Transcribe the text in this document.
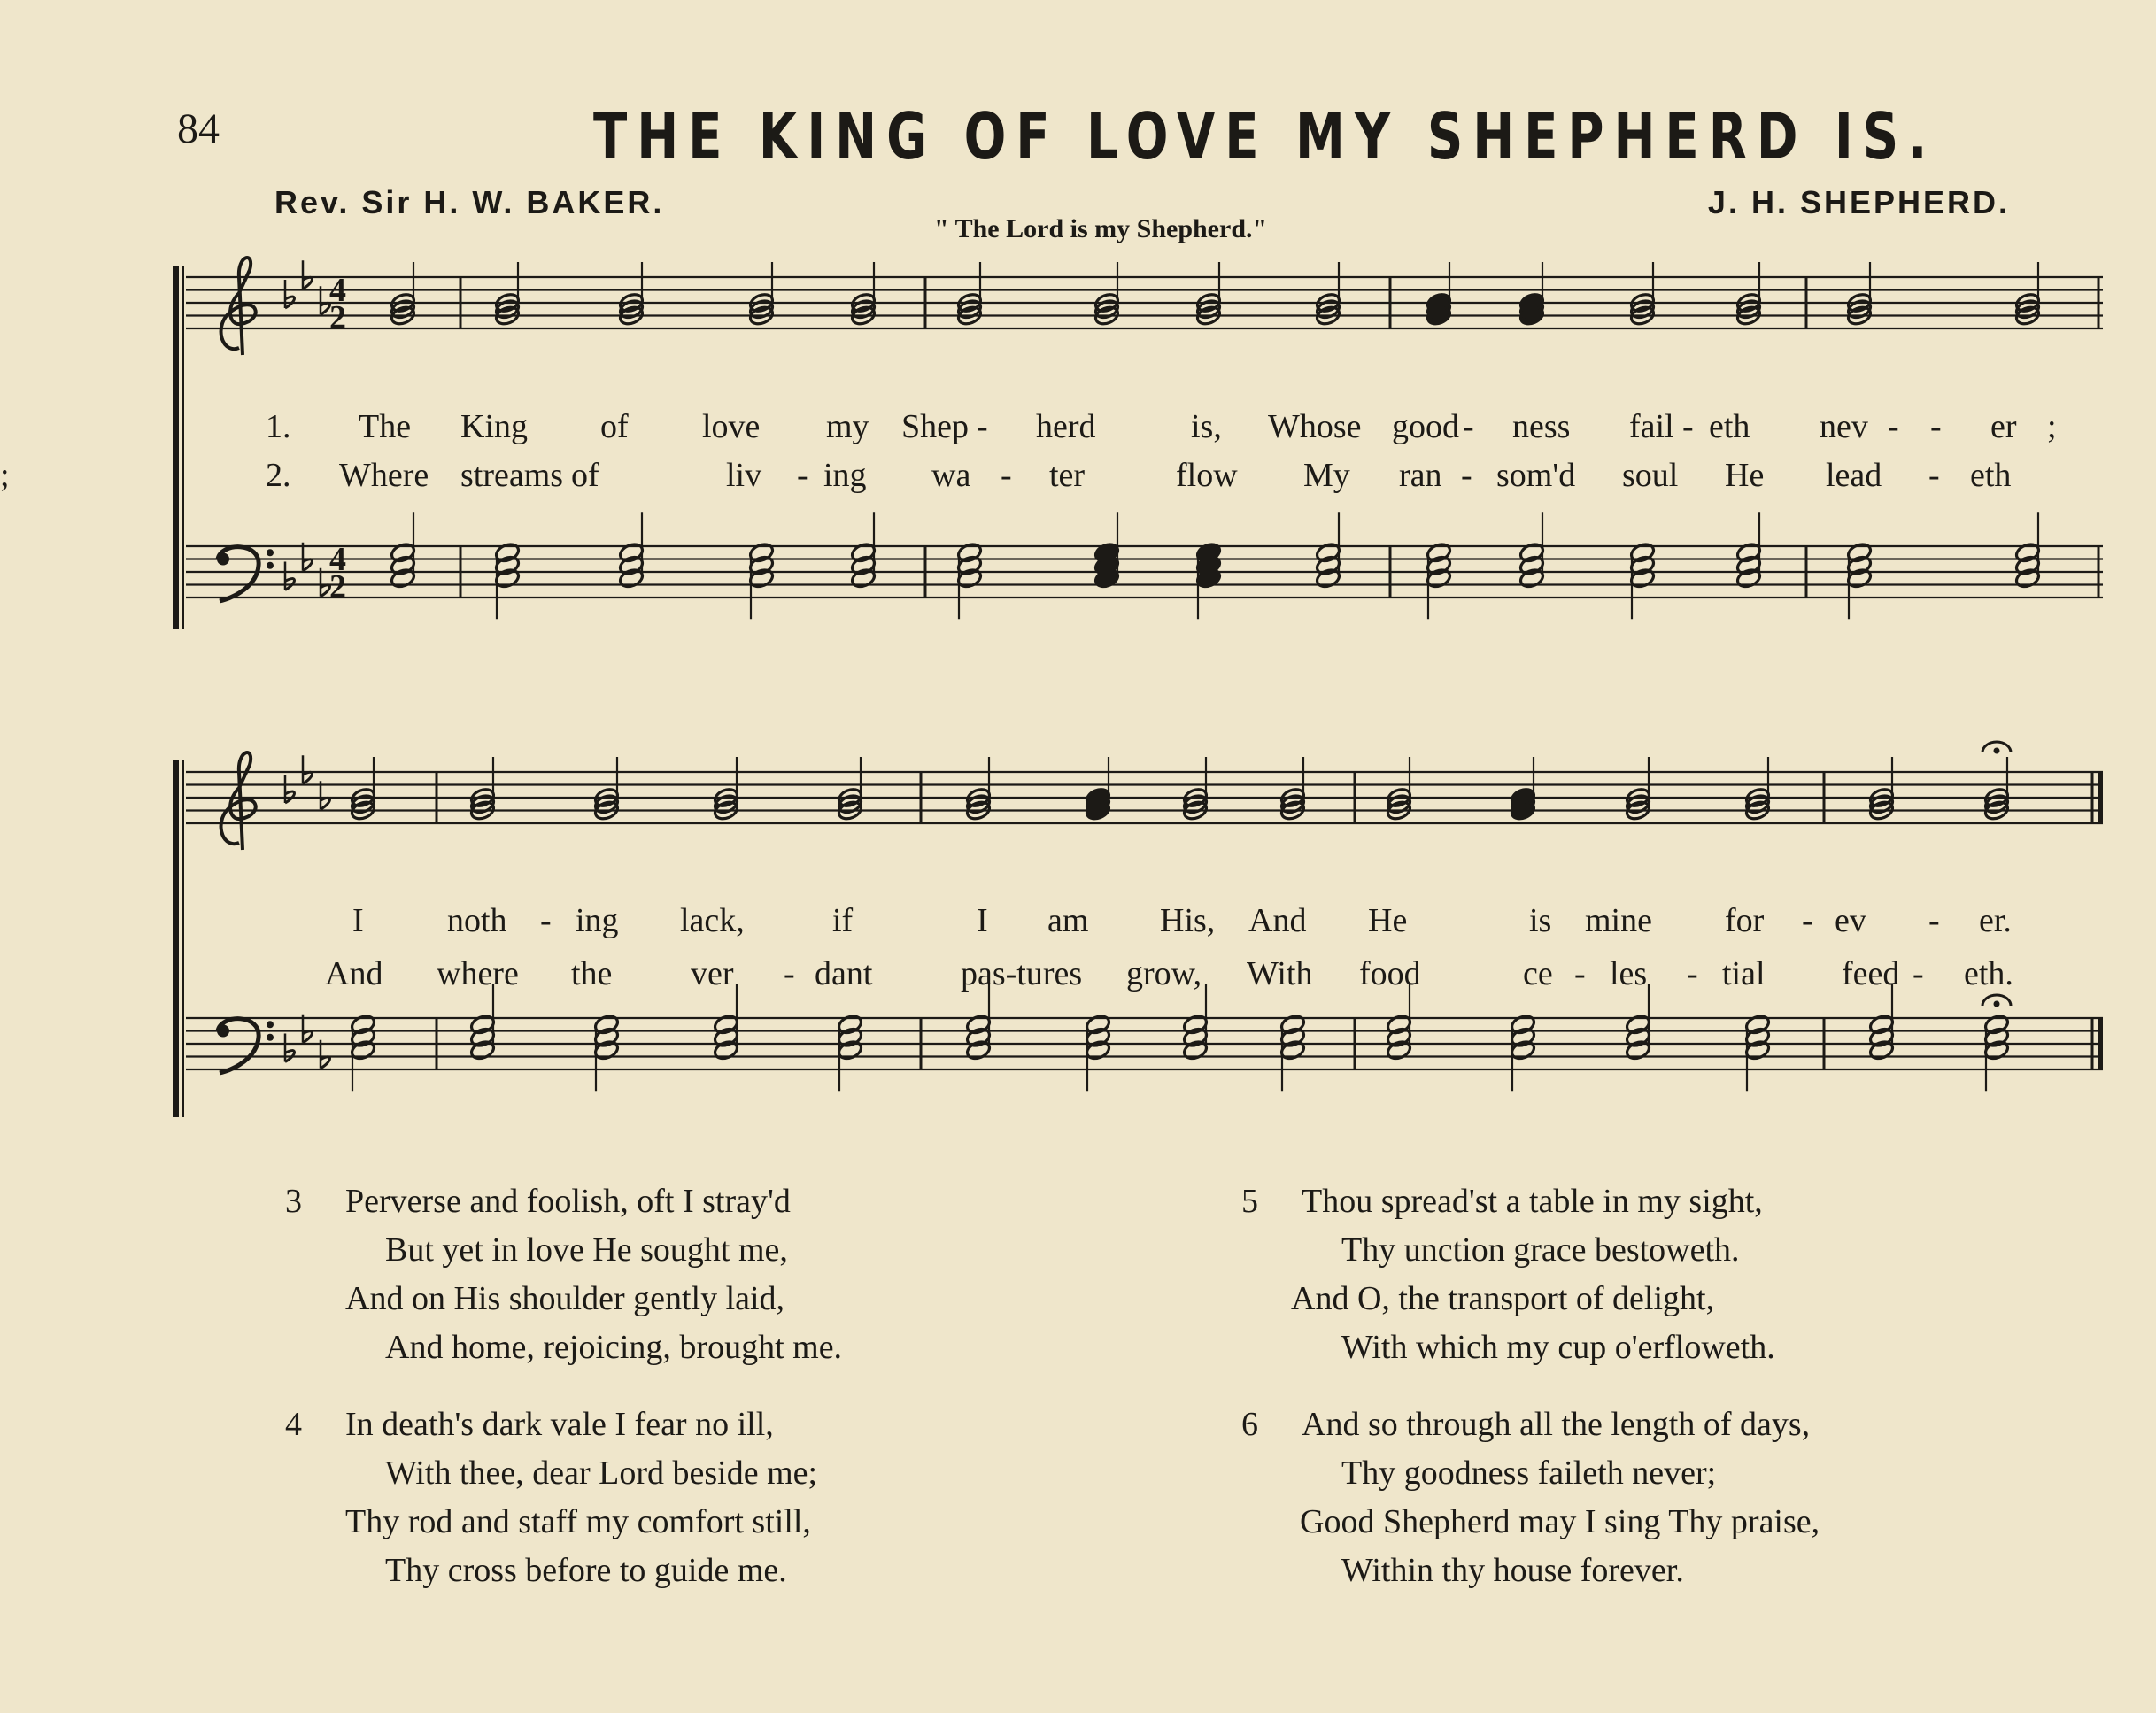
84	THE KING OF LOVE MY SHEPHERD IS.
Rev. Sir H. W. BAKER.	J. H. SHEPHERD.
" The Lord is my Shepherd."
4
2
4
2
1. The King of love my Shep - herd	is, Whose good - ness fail - eth nev - - er ;
2. Where streams of	liv - ing wa - ter	flow My ran - som'd soul He lead - eth
;
I noth - ing lack,	if	I am His, And He	is mine for - ev - er.
And where the ver - dant	pas-tures grow, With food	ce - les - tial feed - eth.
3 Perverse and foolish, oft I stray'd
But yet in love He sought me,
And on His shoulder gently laid,
And home, rejoicing, brought me.
4 In death's dark vale I fear no ill,
With thee, dear Lord beside me;
Thy rod and staff my comfort still,
Thy cross before to guide me.
5 Thou spread'st a table in my sight,
Thy unction grace bestoweth.
And O, the transport of delight,
With which my cup o'erfloweth.
6 And so through all the length of days,
Thy goodness faileth never;
Good Shepherd may I sing Thy praise,
Within thy house forever.
